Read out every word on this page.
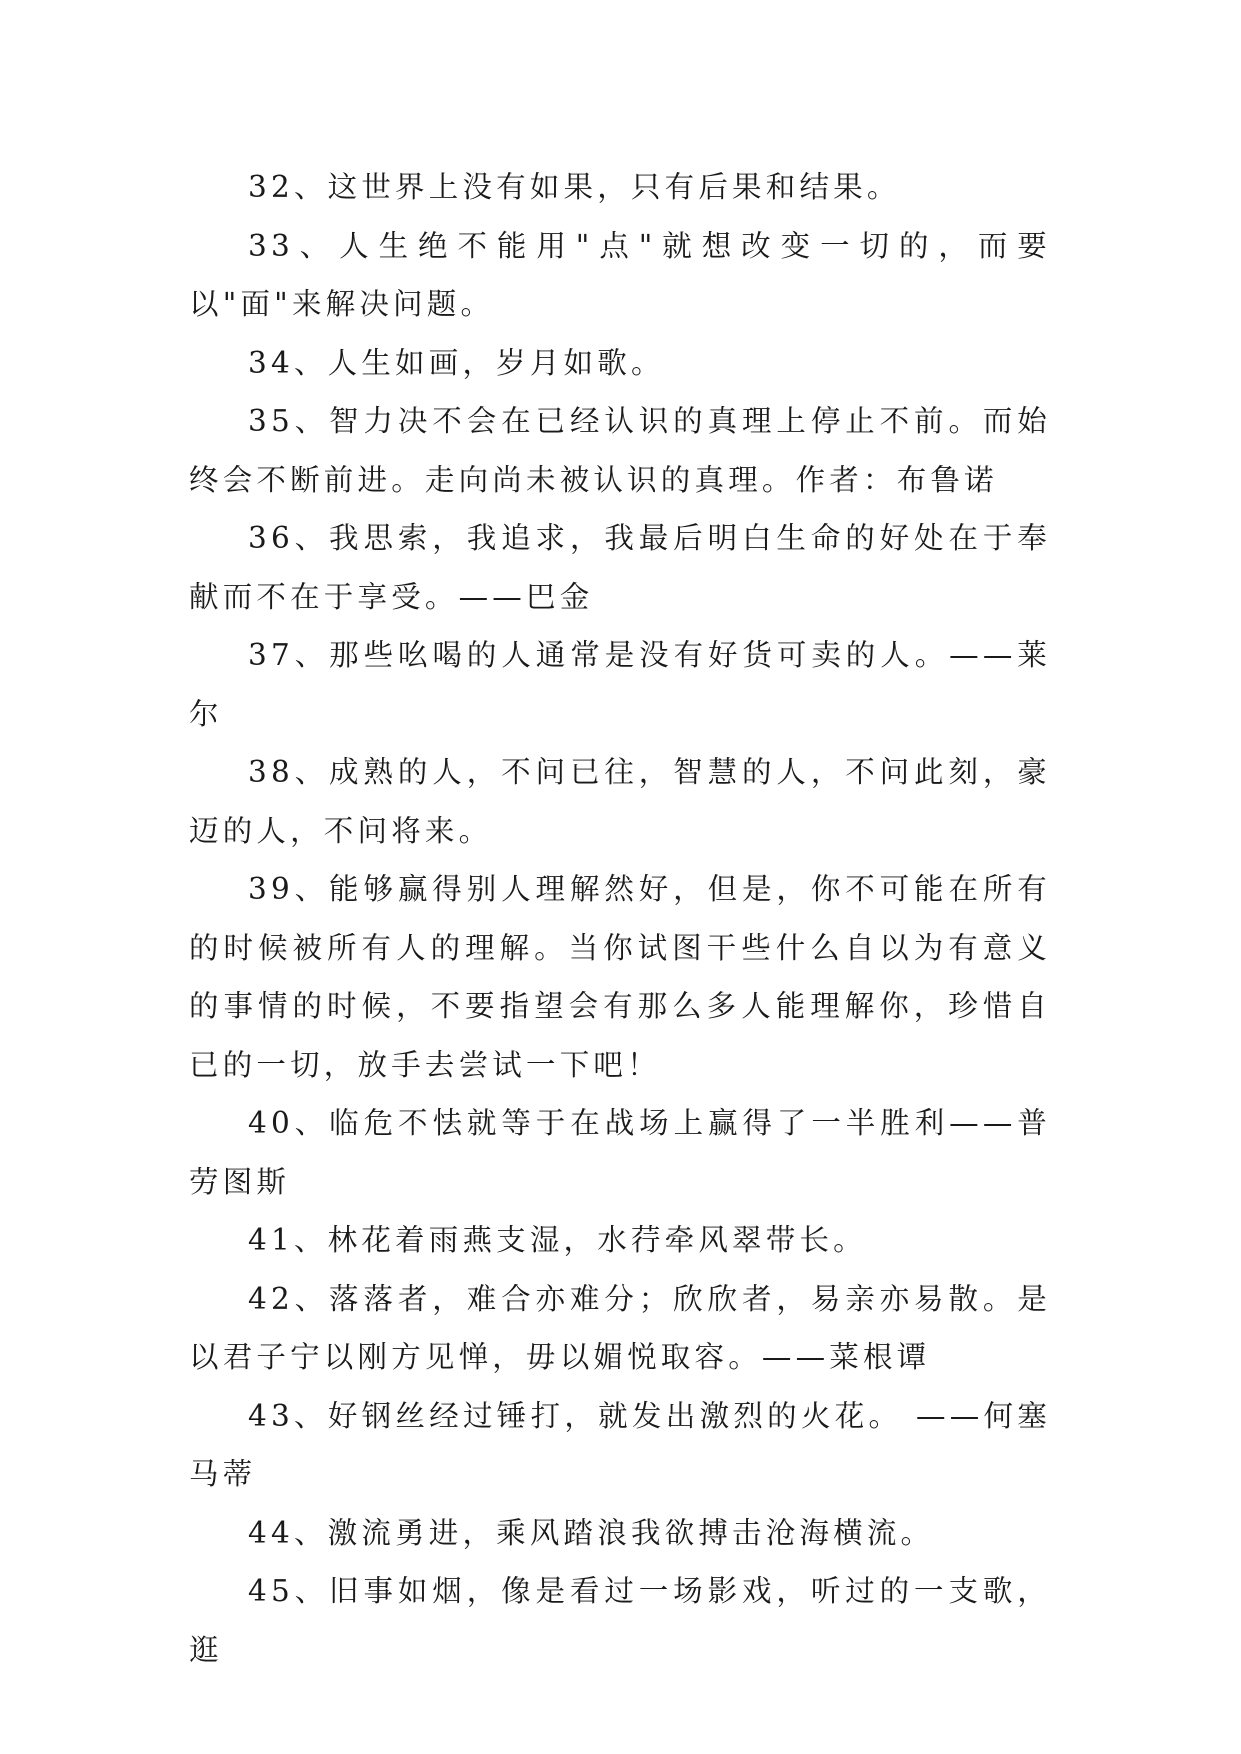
32、这世界上没有如果，只有后果和结果。

33、人生绝不能用"点"就想改变一切的，而要以"面"来解决问题。

34、人生如画，岁月如歌。

35、智力决不会在已经认识的真理上停止不前。而始终会不断前进。走向尚未被认识的真理。作者：布鲁诺

36、我思索，我追求，我最后明白生命的好处在于奉献而不在于享受。——巴金

37、那些吆喝的人通常是没有好货可卖的人。——莱尔

38、成熟的人，不问已往，智慧的人，不问此刻，豪迈的人，不问将来。

39、能够赢得别人理解然好，但是，你不可能在所有的时候被所有人的理解。当你试图干些什么自以为有意义的事情的时候，不要指望会有那么多人能理解你，珍惜自已的一切，放手去尝试一下吧！

40、临危不怯就等于在战场上赢得了一半胜利——普劳图斯

41、林花着雨燕支湿，水荇牵风翠带长。

42、落落者，难合亦难分；欣欣者，易亲亦易散。是以君子宁以刚方见惮，毋以媚悦取容。——菜根谭

43、好钢丝经过锤打，就发出激烈的火花。 ——何塞马蒂

44、激流勇进，乘风踏浪我欲搏击沧海横流。

45、旧事如烟，像是看过一场影戏，听过的一支歌，逛
